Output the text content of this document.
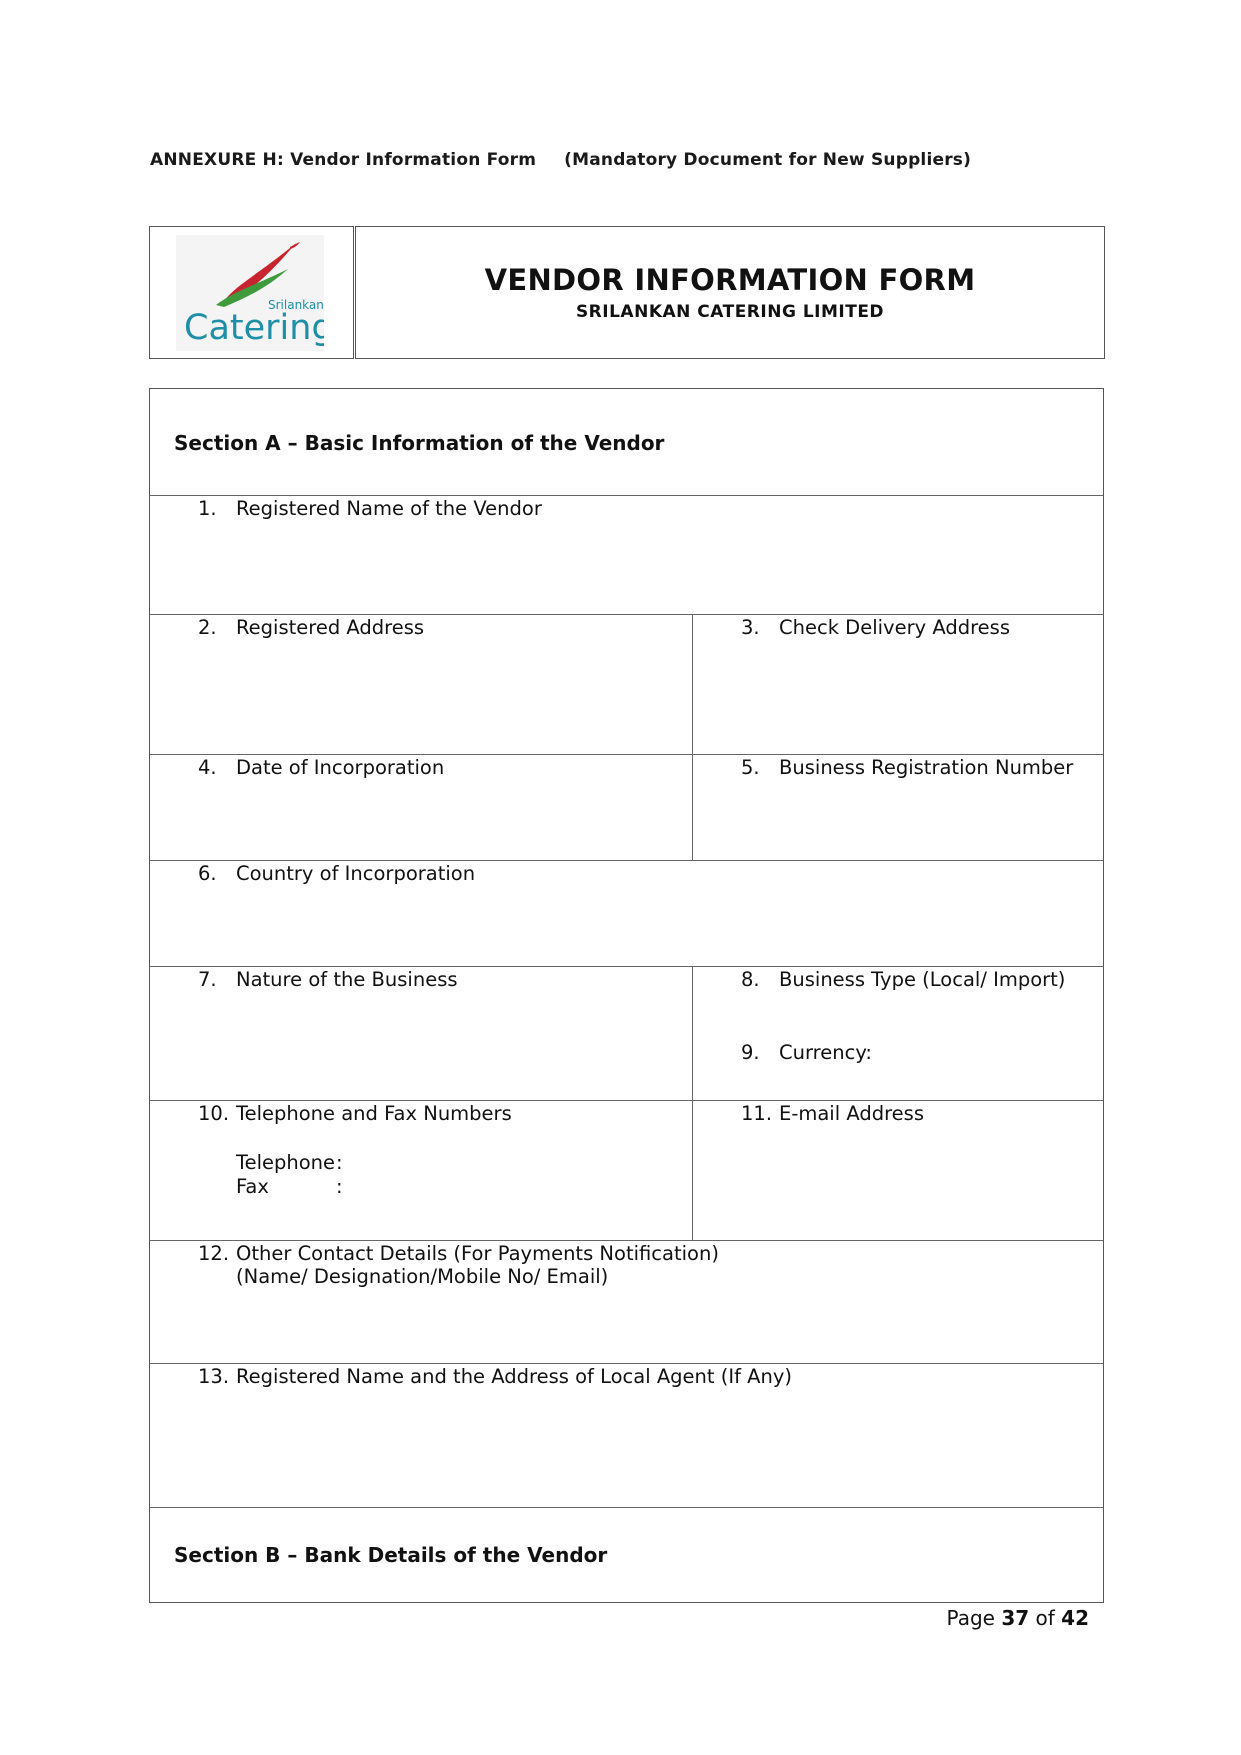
ANNEXURE H: Vendor Information Form (Mandatory Document for New Suppliers)
Srilankan
Catering
VENDOR INFORMATION FORM
SRILANKAN CATERING LIMITED
Section A – Basic Information of the Vendor
1. Registered Name of the Vendor
2. Registered Address	3. Check Delivery Address
4. Date of Incorporation	5. Business Registration Number
6. Country of Incorporation
7. Nature of the Business	8. Business Type (Local/ Import)
9. Currency:
10. Telephone and Fax Numbers
Telephone:
Fax	:
11. E-mail Address
12. Other Contact Details (For Payments Notification)
(Name/ Designation/Mobile No/ Email)
13. Registered Name and the Address of Local Agent (If Any)
Section B – Bank Details of the Vendor
Page 37 of 42
